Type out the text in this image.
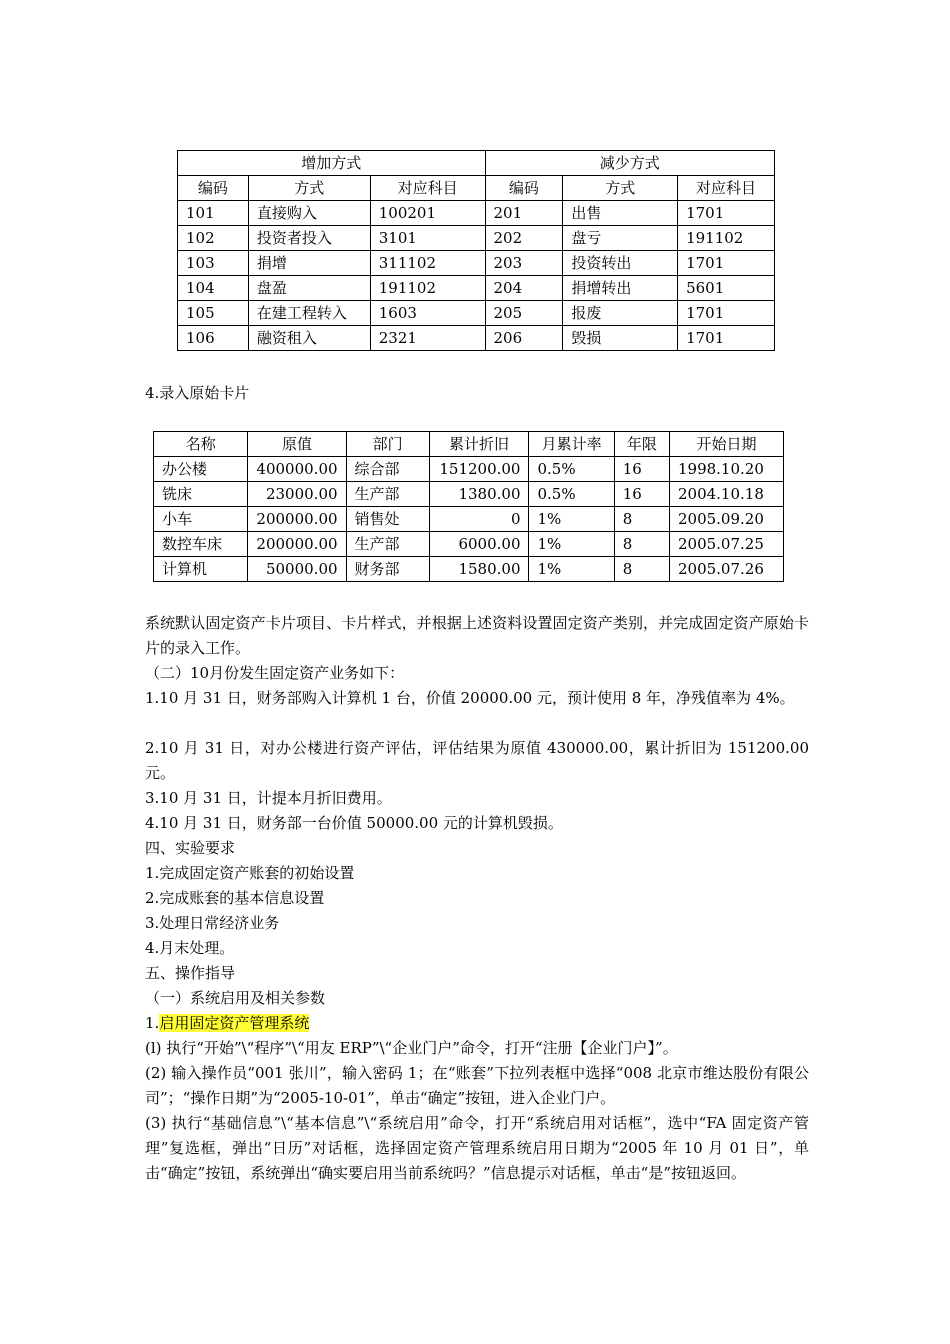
增加方式			减少方式		
编码	方式	对应科目	编码	方式	对应科目
101	直接购入	100201	201	出售	1701
102	投资者投入	3101	202	盘亏	191102
103	捐增	311102	203	投资转出	1701
104	盘盈	191102	204	捐增转出	5601
105	在建工程转入	1603	205	报废	1701
106	融资租入	2321	206	毁损	1701
4.录入原始卡片
名称	原值	部门	累计折旧	月累计率	年限	开始日期
办公楼	400000.00	综合部	151200.00	0.5%	16	1998.10.20
铣床	23000.00	生产部	1380.00	0.5%	16	2004.10.18
小车	200000.00	销售处	0	1%	8	2005.09.20
数控车床	200000.00	生产部	6000.00	1%	8	2005.07.25
计算机	50000.00	财务部	1580.00	1%	8	2005.07.26
系统默认固定资产卡片项目、卡片样式，并根据上述资料设置固定资产类别，并完成固定资产原始卡片的录入工作。
（二）10月份发生固定资产业务如下：
1.10 月 31 日，财务部购入计算机 1 台，价值 20000.00 元，预计使用 8 年，净残值率为 4%。
2.10 月 31 日，对办公楼进行资产评估，评估结果为原值 430000.00，累计折旧为 151200.00 元。
3.10 月 31 日，计提本月折旧费用。
4.10 月 31 日，财务部一台价值 50000.00 元的计算机毁损。
四、实验要求
1.完成固定资产账套的初始设置
2.完成账套的基本信息设置
3.处理日常经济业务
4.月末处理。
五、操作指导
（一）系统启用及相关参数
1.启用固定资产管理系统
(l) 执行“开始”\“程序”\“用友 ERP”\“企业门户”命令，打开“注册【企业门户】”。
(2) 输入操作员“001 张川”，输入密码 1；在“账套”下拉列表框中选择“008 北京市维达股份有限公司”；“操作日期”为“2005-10-01”，单击“确定”按钮，进入企业门户。
(3) 执行“基础信息”\“基本信息”\“系统启用”命令，打开“系统启用对话框”，选中“FA 固定资产管理”复选框，弹出“日历”对话框，选择固定资产管理系统启用日期为“2005 年 10 月 01 日”，单击“确定”按钮，系统弹出“确实要启用当前系统吗？”信息提示对话框，单击“是”按钮返回。
